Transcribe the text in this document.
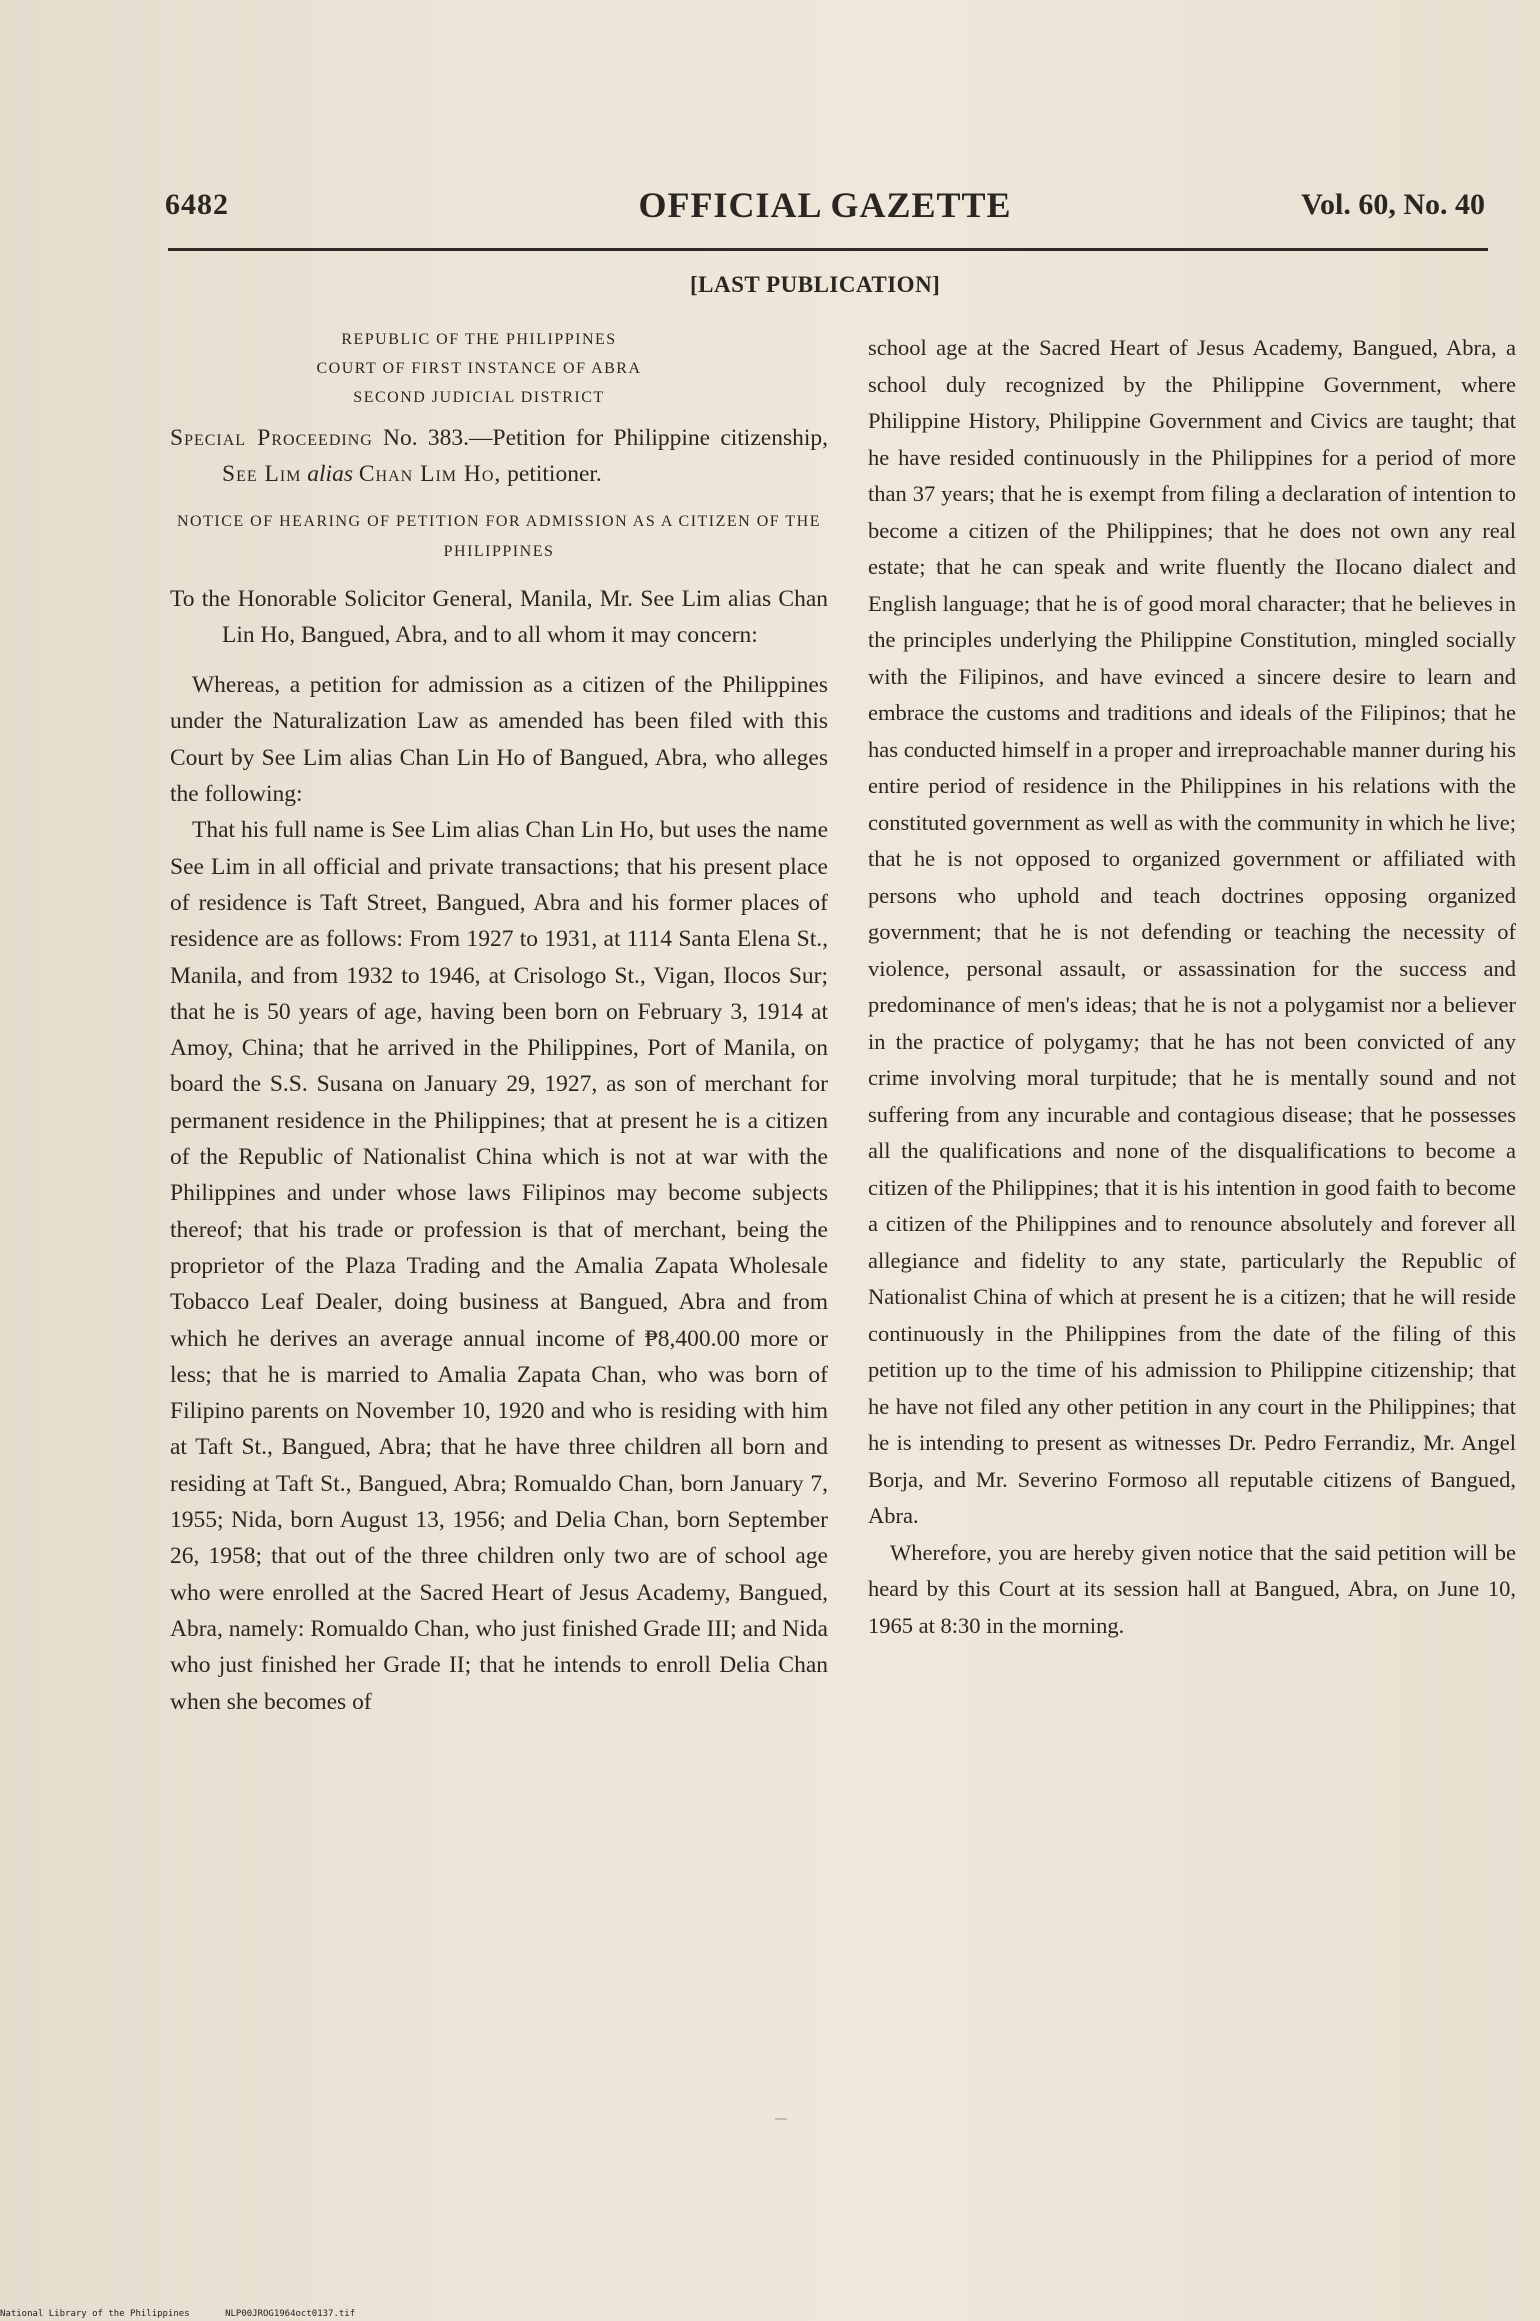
6482	OFFICIAL GAZETTE	Vol. 60, No. 40
[LAST PUBLICATION]
REPUBLIC OF THE PHILIPPINES
COURT OF FIRST INSTANCE OF ABRA
SECOND JUDICIAL DISTRICT

Special Proceeding No. 383.—Petition for Philippine citizenship, See Lim alias Chan Lim Ho, petitioner.

NOTICE OF HEARING OF PETITION FOR ADMISSION AS A CITIZEN OF THE PHILIPPINES

To the Honorable Solicitor General, Manila, Mr. See Lim alias Chan Lin Ho, Bangued, Abra, and to all whom it may concern:

Whereas, a petition for admission as a citizen of the Philippines under the Naturalization Law as amended has been filed with this Court by See Lim alias Chan Lin Ho of Bangued, Abra, who alleges the following:

That his full name is See Lim alias Chan Lin Ho, but uses the name See Lim in all official and private transactions; that his present place of residence is Taft Street, Bangued, Abra and his former places of residence are as follows: From 1927 to 1931, at 1114 Santa Elena St., Manila, and from 1932 to 1946, at Crisologo St., Vigan, Ilocos Sur; that he is 50 years of age, having been born on February 3, 1914 at Amoy, China; that he arrived in the Philippines, Port of Manila, on board the S.S. Susana on January 29, 1927, as son of merchant for permanent residence in the Philippines; that at present he is a citizen of the Republic of Nationalist China which is not at war with the Philippines and under whose laws Filipinos may become subjects thereof; that his trade or profession is that of merchant, being the proprietor of the Plaza Trading and the Amalia Zapata Wholesale Tobacco Leaf Dealer, doing business at Bangued, Abra and from which he derives an average annual income of ₱8,400.00 more or less; that he is married to Amalia Zapata Chan, who was born of Filipino parents on November 10, 1920 and who is residing with him at Taft St., Bangued, Abra; that he have three children all born and residing at Taft St., Bangued, Abra; Romualdo Chan, born January 7, 1955; Nida, born August 13, 1956; and Delia Chan, born September 26, 1958; that out of the three children only two are of school age who were enrolled at the Sacred Heart of Jesus Academy, Bangued, Abra, namely: Romualdo Chan, who just finished Grade III; and Nida who just finished her Grade II; that he intends to enroll Delia Chan when she becomes of

school age at the Sacred Heart of Jesus Academy, Bangued, Abra, a school duly recognized by the Philippine Government, where Philippine History, Philippine Government and Civics are taught; that he have resided continuously in the Philippines for a period of more than 37 years; that he is exempt from filing a declaration of intention to become a citizen of the Philippines; that he does not own any real estate; that he can speak and write fluently the Ilocano dialect and English language; that he is of good moral character; that he believes in the principles underlying the Philippine Constitution, mingled socially with the Filipinos, and have evinced a sincere desire to learn and embrace the customs and traditions and ideals of the Filipinos; that he has conducted himself in a proper and irreproachable manner during his entire period of residence in the Philippines in his relations with the constituted government as well as with the community in which he live; that he is not opposed to organized government or affiliated with persons who uphold and teach doctrines opposing organized government; that he is not defending or teaching the necessity of violence, personal assault, or assassination for the success and predominance of men's ideas; that he is not a polygamist nor a believer in the practice of polygamy; that he has not been convicted of any crime involving moral turpitude; that he is mentally sound and not suffering from any incurable and contagious disease; that he possesses all the qualifications and none of the disqualifications to become a citizen of the Philippines; that it is his intention in good faith to become a citizen of the Philippines and to renounce absolutely and forever all allegiance and fidelity to any state, particularly the Republic of Nationalist China of which at present he is a citizen; that he will reside continuously in the Philippines from the date of the filing of this petition up to the time of his admission to Philippine citizenship; that he have not filed any other petition in any court in the Philippines; that he is intending to present as witnesses Dr. Pedro Ferrandiz, Mr. Angel Borja, and Mr. Severino Formoso all reputable citizens of Bangued, Abra.

Wherefore, you are hereby given notice that the said petition will be heard by this Court at its session hall at Bangued, Abra, on June 10, 1965 at 8:30 in the morning.

National Library of the Philippines	NLP00JROG1964oct0137.tif
